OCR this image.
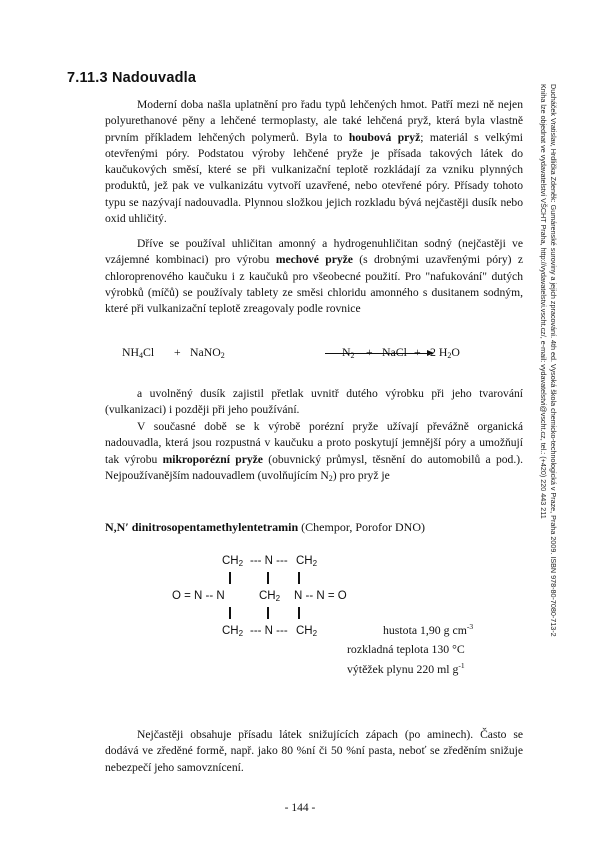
7.11.3 Nadouvadla

Moderní doba našla uplatnění pro řadu typů lehčených hmot. Patří mezi ně nejen polyurethanové pěny a lehčené termoplasty, ale také lehčená pryž, která byla vlastně prvním příkladem lehčených polymerů. Byla to houbová pryž; materiál s velkými otevřenými póry. Podstatou výroby lehčené pryže je přísada takových látek do kaučukových směsí, které se při vulkanizační teplotě rozkládají za vzniku plynných produktů, jež pak ve vulkanizátu vytvoří uzavřené, nebo otevřené póry. Přísady tohoto typu se nazývají nadouvadla. Plynnou složkou jejich rozkladu bývá nejčastěji dusík nebo oxid uhličitý.

Dříve se používal uhličitan amonný a hydrogenuhličitan sodný (nejčastěji ve vzájemné kombinaci) pro výrobu mechové pryže (s drobnými uzavřenými póry) z chloroprenového kaučuku i z kaučuků pro všeobecné použití. Pro "nafukování" dutých výrobků (míčů) se používaly tablety ze směsi chloridu amonného s dusitanem sodným, které při vulkanizační teplotě zreagovaly podle rovnice

$NH_4Cl$ + NaNO$_2$	$N_2$ + NaCl + 2 $H_2O$

a uvolněný dusík zajistil přetlak uvnitř dutého výrobku při jeho tvarování (vulkanizaci) i později při jeho používání.

V současné době se k výrobě porézní pryže užívají převážně organická nadouvadla, která jsou rozpustná v kaučuku a proto poskytují jemnější póry a umožňují tak výrobu mikroporézní pryže (obuvnický průmysl, těsnění do automobilů a pod.). Nejpoužívanějším nadouvadlem (uvolňujícím $N_2$) pro pryž je

N,N′ dinitrosopentamethylentetramin (Chempor, Porofor DNO)
$CH_2$ --- N --- $CH_2$
O = N -- N	$CH_2$ N -- N = O
$CH_2$ --- N --- $CH_2$	hustota 1,90 g $cm^{-3}$
rozkladná teplota 130 °C
výtěžek plynu 220 ml $g^{-1}$

Nejčastěji obsahuje přísadu látek snižujících zápach (po aminech). Často se dodává ve zředěné formě, např. jako 80 %ní či 50 %ní pasta, neboť se zředěním snižuje nebezpečí jeho samovznícení.

- 144 -
Ducháček Vratislav, Hrdlička Zdeněk: Gumárenské suroviny a jejich zpracování. 4th ed. Vysoká škola chemicko-technologická v Praze, Praha 2009. ISBN 978-80-7080-713-2
Kniha lze objednat ve vydavatelství VŠCHT Praha, http://vydavatelstvi.vscht.cz/, e-mail: vydavatelstvi@vscht.cz, tel.: (+420) 220 443 211
